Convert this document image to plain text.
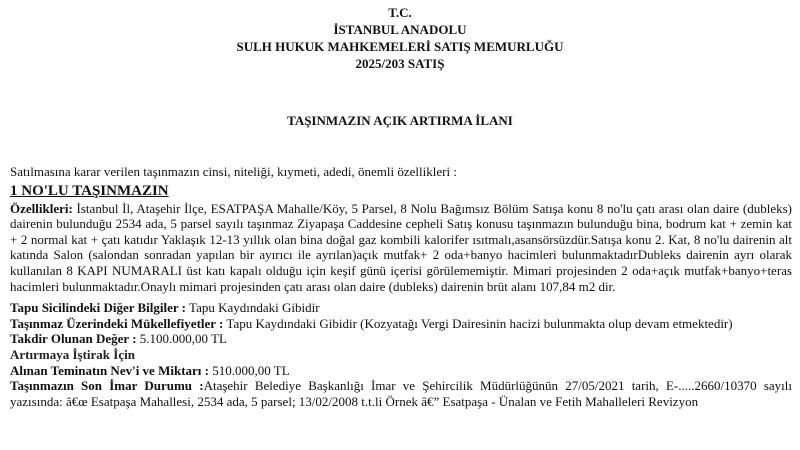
T.C.
İSTANBUL ANADOLU
SULH HUKUK MAHKEMELERİ SATIŞ MEMURLUĞU
2025/203 SATIŞ
TAŞINMAZIN AÇIK ARTIRMA İLANI

Satılmasına karar verilen taşınmazın cinsi, niteliği, kıymeti, adedi, önemli özellikleri :

1 NO'LU TAŞINMAZIN

Özellikleri: İstanbul İl, Ataşehir İlçe, ESATPAŞA Mahalle/Köy, 5 Parsel, 8 Nolu Bağımsız Bölüm Satışa konu 8 no'lu çatı arası olan daire (dubleks) dairenin bulunduğu 2534 ada, 5 parsel sayılı taşınmaz Ziyapaşa Caddesine cepheli Satış konusu taşınmazın bulunduğu bina, bodrum kat + zemin kat + 2 normal kat + çatı katıdır Yaklaşık 12-13 yıllık olan bina doğal gaz kombili kalorifer ısıtmalı,asansörsüzdür.Satışa konu 2. Kat, 8 no'lu dairenin alt katında Salon (salondan sonradan yapılan bir ayırıcı ile ayrılan)açık mutfak+ 2 oda+banyo hacimleri bulunmaktadırDubleks dairenin ayrı olarak kullanılan 8 KAPI NUMARALI üst katı kapalı olduğu için keşif günü içerisi görülememiştir. Mimari projesinden 2 oda+açık mutfak+banyo+teras hacimleri bulunmaktadır.Onaylı mimari projesinden çatı arası olan daire (dubleks) dairenin brüt alanı 107,84 m2 dir.

Tapu Sicilindeki Diğer Bilgiler : Tapu Kaydındaki Gibidir

Taşınmaz Üzerindeki Mükellefiyetler : Tapu Kaydındaki Gibidir (Kozyatağı Vergi Dairesinin hacizi bulunmakta olup devam etmektedir)

Takdir Olunan Değer : 5.100.000,00 TL

Artırmaya İştirak İçin

Alınan Teminatın Nev'i ve Miktarı : 510.000,00 TL

Taşınmazın Son İmar Durumu :Ataşehir Belediye Başkanlığı İmar ve Şehircilik Müdürlüğünün 27/05/2021 tarih, E-.....2660/10370 sayılı yazısında: â€œ Esatpaşa Mahallesi, 2534 ada, 5 parsel; 13/02/2008 t.t.li Örnek â€” Esatpaşa - Ünalan ve Fetih Mahalleleri Revizyon
